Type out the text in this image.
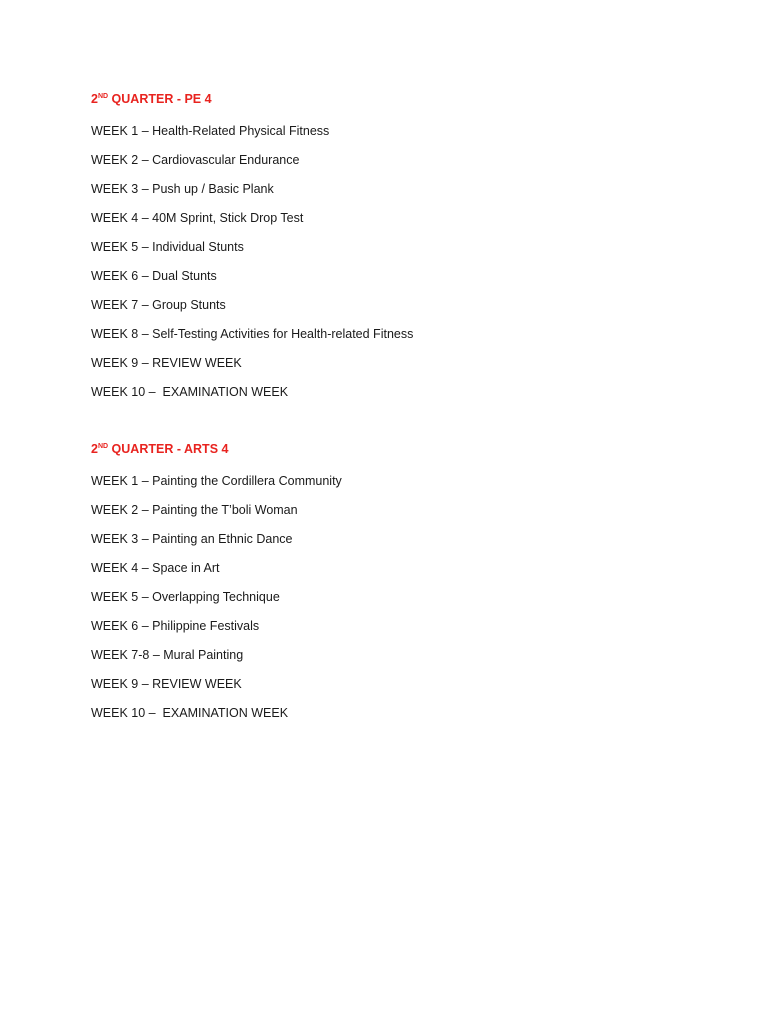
2ND QUARTER - PE 4
WEEK 1 – Health-Related Physical Fitness
WEEK 2 – Cardiovascular Endurance
WEEK 3 – Push up / Basic Plank
WEEK 4 – 40M Sprint, Stick Drop Test
WEEK 5 – Individual Stunts
WEEK 6 – Dual Stunts
WEEK 7 – Group Stunts
WEEK 8 – Self-Testing Activities for Health-related Fitness
WEEK 9 – REVIEW WEEK
WEEK 10 –  EXAMINATION WEEK
2ND QUARTER - ARTS 4
WEEK 1 – Painting the Cordillera Community
WEEK 2 – Painting the T’boli Woman
WEEK 3 – Painting an Ethnic Dance
WEEK 4 – Space in Art
WEEK 5 – Overlapping Technique
WEEK 6 – Philippine Festivals
WEEK 7-8 – Mural Painting
WEEK 9 – REVIEW WEEK
WEEK 10 –  EXAMINATION WEEK
